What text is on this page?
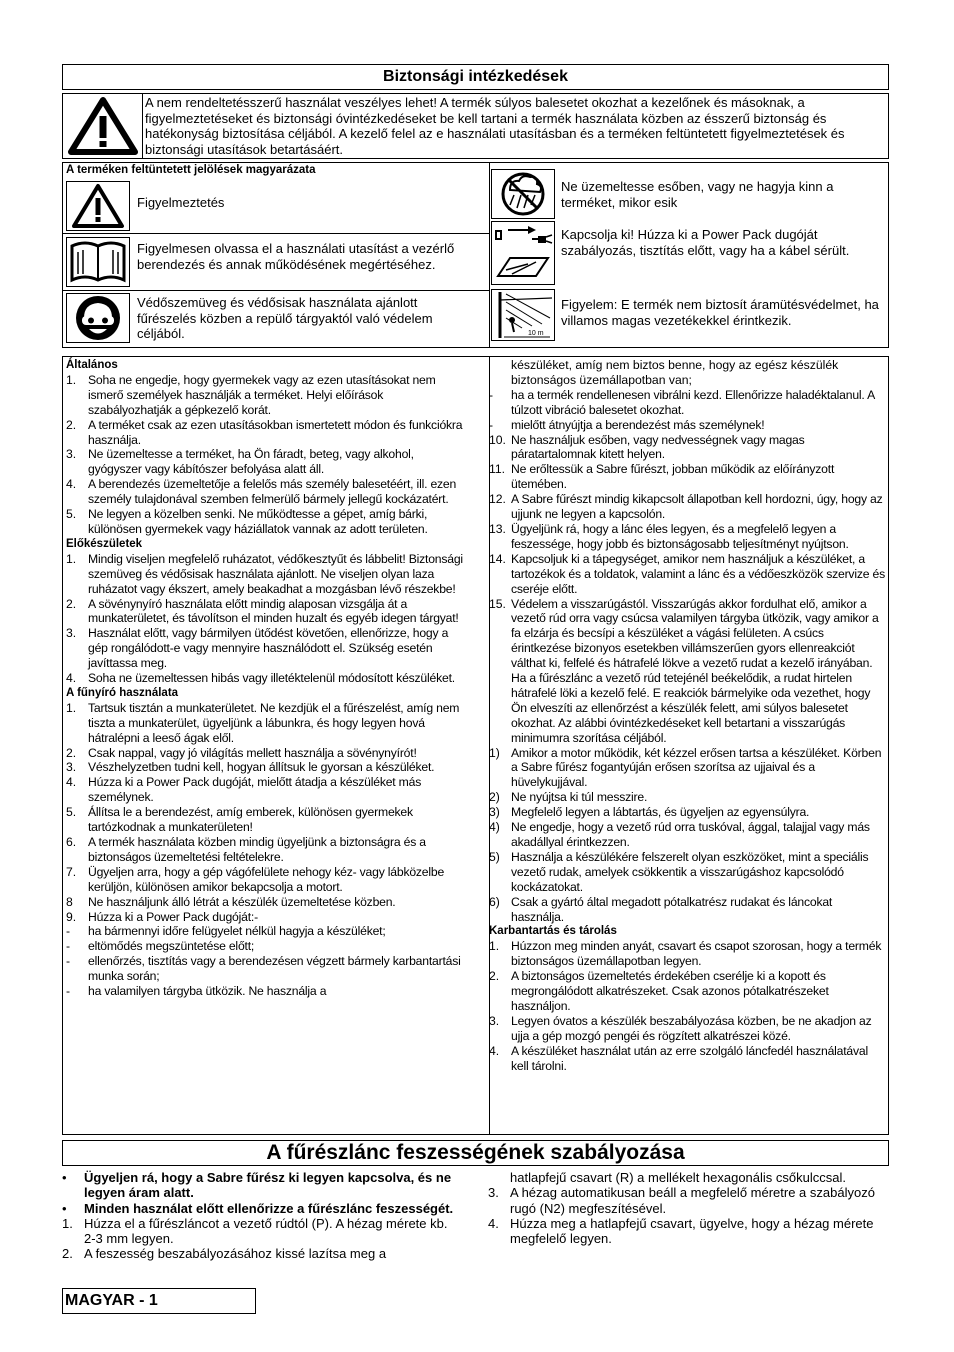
Biztonsági intézkedések
A nem rendeltetésszerű használat veszélyes lehet! A termék súlyos balesetet okozhat a kezelőnek és másoknak, a figyelmeztetéseket és biztonsági óvintézkedéseket be kell tartani a termék használata közben az ésszerű biztonság és hatékonyság biztosítása céljából. A kezelő felel az e használati utasításban és a terméken feltüntetett figyelmeztetések és biztonsági utasítások betartásáért.
A terméken feltüntetett jelölések magyarázata
Figyelmeztetés
Figyelmesen olvassa el a használati utasítást a vezérlő berendezés és annak működésének megértéséhez.
Védőszemüveg és védősisak használata ajánlott fűrészelés közben a repülő tárgyaktól való védelem céljából.
Ne üzemeltesse esőben, vagy ne hagyja kinn a terméket, mikor esik
Kapcsolja ki! Húzza ki a Power Pack dugóját szabályozás, tisztítás előtt, vagy ha a kábel sérült.
10 m
Figyelem: E termék nem biztosít áramütésvédelmet, ha villamos magas vezetékekkel érintkezik.

Általános

1. Soha ne engedje, hogy gyermekek vagy az ezen utasításokat nem ismerő személyek használják a terméket. Helyi előírások szabályozhatják a gépkezelő korát.
2. A terméket csak az ezen utasításokban ismertetett módon és funkciókra használja.
3. Ne üzemeltesse a terméket, ha Ön fáradt, beteg, vagy alkohol, gyógyszer vagy kábítószer befolyása alatt áll.
4. A berendezés üzemeltetője a felelős más személy balesetéért, ill. ezen személy tulajdonával szemben felmerülő bármely jellegű kockázatért.
5. Ne legyen a közelben senki. Ne működtesse a gépet, amíg bárki, különösen gyermekek vagy háziállatok vannak az adott területen.

Előkészületek

1. Mindig viseljen megfelelő ruházatot, védőkesztyűt és lábbelit! Biztonsági szemüveg és védősisak használata ajánlott. Ne viseljen olyan laza ruházatot vagy ékszert, amely beakadhat a mozgásban lévő részekbe!
2. A sövénynyíró használata előtt mindig alaposan vizsgálja át a munkaterületet, és távolítson el minden huzalt és egyéb idegen tárgyat!
3. Használat előtt, vagy bármilyen ütődést követően, ellenőrizze, hogy a gép rongálódott-e vagy mennyire használódott el. Szükség esetén javíttassa meg.
4. Soha ne üzemeltessen hibás vagy illetéktelenül módosított készüléket.

A fűnyíró használata

1. Tartsuk tisztán a munkaterületet. Ne kezdjük el a fűrészelést, amíg nem tiszta a munkaterület, ügyeljünk a lábunkra, és hogy legyen hová hátralépni a leeső ágak elől.
2. Csak nappal, vagy jó világítás mellett használja a sövénynyírót!
3. Vészhelyzetben tudni kell, hogyan állítsuk le gyorsan a készüléket.
4. Húzza ki a Power Pack dugóját, mielőtt átadja a készüléket más személynek.
5. Állítsa le a berendezést, amíg emberek, különösen gyermekek tartózkodnak a munkaterületen!
6. A termék használata közben mindig ügyeljünk a biztonságra és a biztonságos üzemeltetési feltételekre.
7. Ügyeljen arra, hogy a gép vágófelülete nehogy kéz- vagy lábközelbe kerüljön, különösen amikor bekapcsolja a motort.
8	Ne használjunk álló létrát a készülék üzemeltetése közben.
9. Húzza ki a Power Pack dugóját:-
-	ha bármennyi időre felügyelet nélkül hagyja a készüléket;
-	eltömődés megszüntetése előtt;
-	ellenőrzés, tisztítás vagy a berendezésen végzett bármely karbantartási munka során;
-	ha valamilyen tárgyba ütközik. Ne használja a

készüléket, amíg nem biztos benne, hogy az egész készülék biztonságos üzemállapotban van;

-	ha a termék rendellenesen vibrálni kezd. Ellenőrizze haladéktalanul. A túlzott vibráció balesetet okozhat.
-	mielőtt átnyújtja a berendezést más személynek!
10. Ne használjuk esőben, vagy nedvességnek vagy magas páratartalomnak kitett helyen.
11. Ne erőltessük a Sabre fűrészt, jobban működik az előírányzott ütemében.
12. A Sabre fűrészt mindig kikapcsolt állapotban kell hordozni, úgy, hogy az ujjunk ne legyen a kapcsolón.
13. Ügyeljünk rá, hogy a lánc éles legyen, és a megfelelő legyen a feszessége, hogy jobb és biztonságosabb teljesítményt nyújtson.
14. Kapcsoljuk ki a tápegységet, amikor nem használjuk a készüléket, a tartozékok és a toldatok, valamint a lánc és a védőeszközök szervize és cseréje előtt.
15. Védelem a visszarúgástól. Visszarúgás akkor fordulhat elő, amikor a vezető rúd orra vagy csúcsa valamilyen tárgyba ütközik, vagy amikor a fa elzárja és becsípi a készüléket a vágási felületen. A csúcs érintkezése bizonyos esetekben villámszerűen gyors ellenreakciót válthat ki, felfelé és hátrafelé lökve a vezető rudat a kezelő irányában. Ha a fűrészlánc a vezető rúd tetejénél beékelődik, a rudat hirtelen hátrafelé löki a kezelő felé. E reakciók bármelyike oda vezethet, hogy Ön elveszíti az ellenőrzést a készülék felett, ami súlyos balesetet okozhat. Az alábbi óvintézkedéseket kell betartani a visszarúgás minimumra szorítása céljából.
1) Amikor a motor működik, két kézzel erősen tartsa a készüléket. Körben a Sabre fűrész fogantyúján erősen szorítsa az ujjaival és a hüvelykujjával.
2) Ne nyújtsa ki túl messzire.
3) Megfelelő legyen a lábtartás, és ügyeljen az egyensúlyra.
4) Ne engedje, hogy a vezető rúd orra tuskóval, ággal, talajjal vagy más akadállyal érintkezzen.
5) Használja a készülékére felszerelt olyan eszközöket, mint a speciális vezető rudak, amelyek csökkentik a visszarúgáshoz kapcsolódó kockázatokat.
6) Csak a gyártó által megadott pótalkatrész rudakat és láncokat használja.

Karbantartás és tárolás

1. Húzzon meg minden anyát, csavart és csapot szorosan, hogy a termék biztonságos üzemállapotban legyen.
2. A biztonságos üzemeltetés érdekében cserélje ki a kopott és megrongálódott alkatrészeket. Csak azonos pótalkatrészeket használjon.
3. Legyen óvatos a készülék beszabályozása közben, be ne akadjon az ujja a gép mozgó pengéi és rögzített alkatrészei közé.
4. A készüléket használat után az erre szolgáló láncfedél használatával kell tárolni.
A fűrészlánc feszességének szabályozása
•	Ügyeljen rá, hogy a Sabre fűrész ki legyen kapcsolva, és ne legyen áram alatt.
•	Minden használat előtt ellenőrizze a fűrészlánc feszességét.
1. Húzza el a fűrészláncot a vezető rúdtól (P). A hézag mérete kb. 2-3 mm legyen.
2. A feszesség beszabályozásához kissé lazítsa meg a

hatlapfejű csavart (R) a mellékelt hexagonális csőkulccsal.

3. A hézag automatikusan beáll a megfelelő méretre a szabályozó rugó (N2) megfeszítésével.
4. Húzza meg a hatlapfejű csavart, ügyelve, hogy a hézag mérete megfelelő legyen.
MAGYAR - 1
